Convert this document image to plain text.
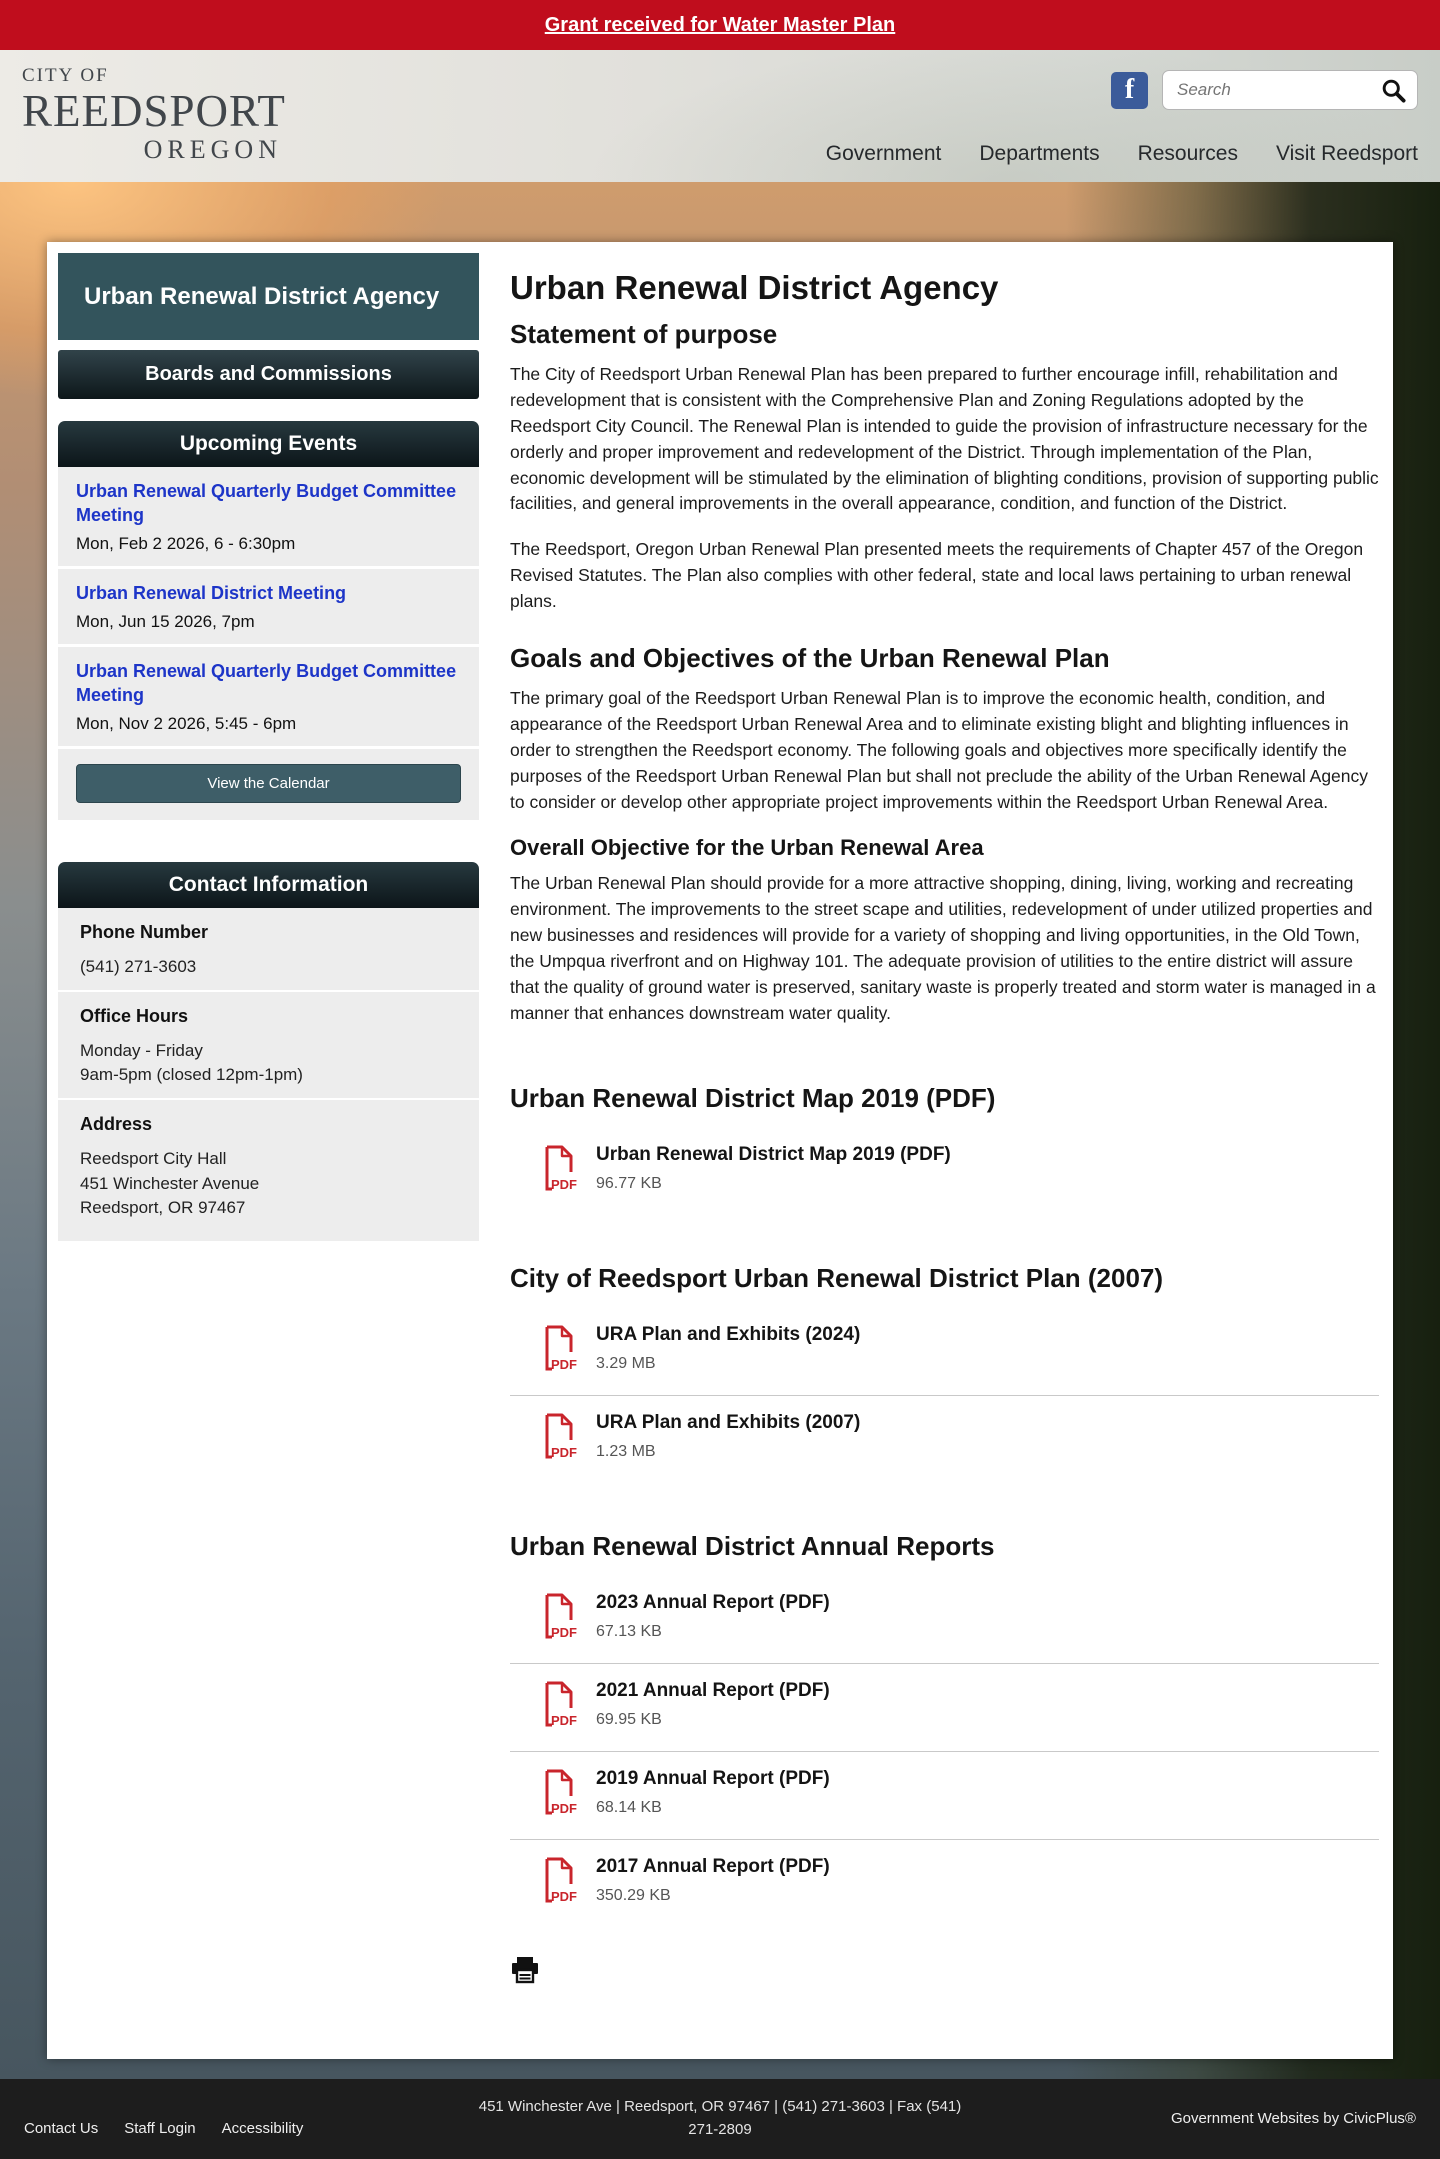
Grant received for Water Master Plan
CITY OF
REEDSPORT
OREGON
f
Search
Government Departments Resources Visit Reedsport
Urban Renewal District Agency
Boards and Commissions
Upcoming Events
Urban Renewal Quarterly Budget Committee Meeting
Mon, Feb 2 2026, 6 - 6:30pm
Urban Renewal District Meeting
Mon, Jun 15 2026, 7pm
Urban Renewal Quarterly Budget Committee Meeting
Mon, Nov 2 2026, 5:45 - 6pm
View the Calendar
Contact Information
Phone Number
(541) 271-3603
Office Hours
Monday - Friday
9am-5pm (closed 12pm-1pm)
Address
Reedsport City Hall
451 Winchester Avenue
Reedsport, OR 97467
Urban Renewal District Agency
Statement of purpose

The City of Reedsport Urban Renewal Plan has been prepared to further encourage infill, rehabilitation and redevelopment that is consistent with the Comprehensive Plan and Zoning Regulations adopted by the Reedsport City Council. The Renewal Plan is intended to guide the provision of infrastructure necessary for the orderly and proper improvement and redevelopment of the District. Through implementation of the Plan, economic development will be stimulated by the elimination of blighting conditions, provision of supporting public facilities, and general improvements in the overall appearance, condition, and function of the District.

The Reedsport, Oregon Urban Renewal Plan presented meets the requirements of Chapter 457 of the Oregon Revised Statutes. The Plan also complies with other federal, state and local laws pertaining to urban renewal plans.

Goals and Objectives of the Urban Renewal Plan

The primary goal of the Reedsport Urban Renewal Plan is to improve the economic health, condition, and appearance of the Reedsport Urban Renewal Area and to eliminate existing blight and blighting influences in order to strengthen the Reedsport economy. The following goals and objectives more specifically identify the purposes of the Reedsport Urban Renewal Plan but shall not preclude the ability of the Urban Renewal Agency to consider or develop other appropriate project improvements within the Reedsport Urban Renewal Area.

Overall Objective for the Urban Renewal Area

The Urban Renewal Plan should provide for a more attractive shopping, dining, living, working and recreating environment. The improvements to the street scape and utilities, redevelopment of under utilized properties and new businesses and residences will provide for a variety of shopping and living opportunities, in the Old Town, the Umpqua riverfront and on Highway 101. The adequate provision of utilities to the entire district will assure that the quality of ground water is preserved, sanitary waste is properly treated and storm water is managed in a manner that enhances downstream water quality.

Urban Renewal District Map 2019 (PDF)
PDF
Urban Renewal District Map 2019 (PDF)
96.77 KB
City of Reedsport Urban Renewal District Plan (2007)
PDF
URA Plan and Exhibits (2024)
3.29 MB
PDF
URA Plan and Exhibits (2007)
1.23 MB
Urban Renewal District Annual Reports
PDF
2023 Annual Report (PDF)
67.13 KB
PDF
2021 Annual Report (PDF)
69.95 KB
PDF
2019 Annual Report (PDF)
68.14 KB
PDF
2017 Annual Report (PDF)
350.29 KB
Contact Us Staff Login Accessibility
451 Winchester Ave | Reedsport, OR 97467 | (541) 271-3603 | Fax (541)
271-2809
Government Websites by CivicPlus®
